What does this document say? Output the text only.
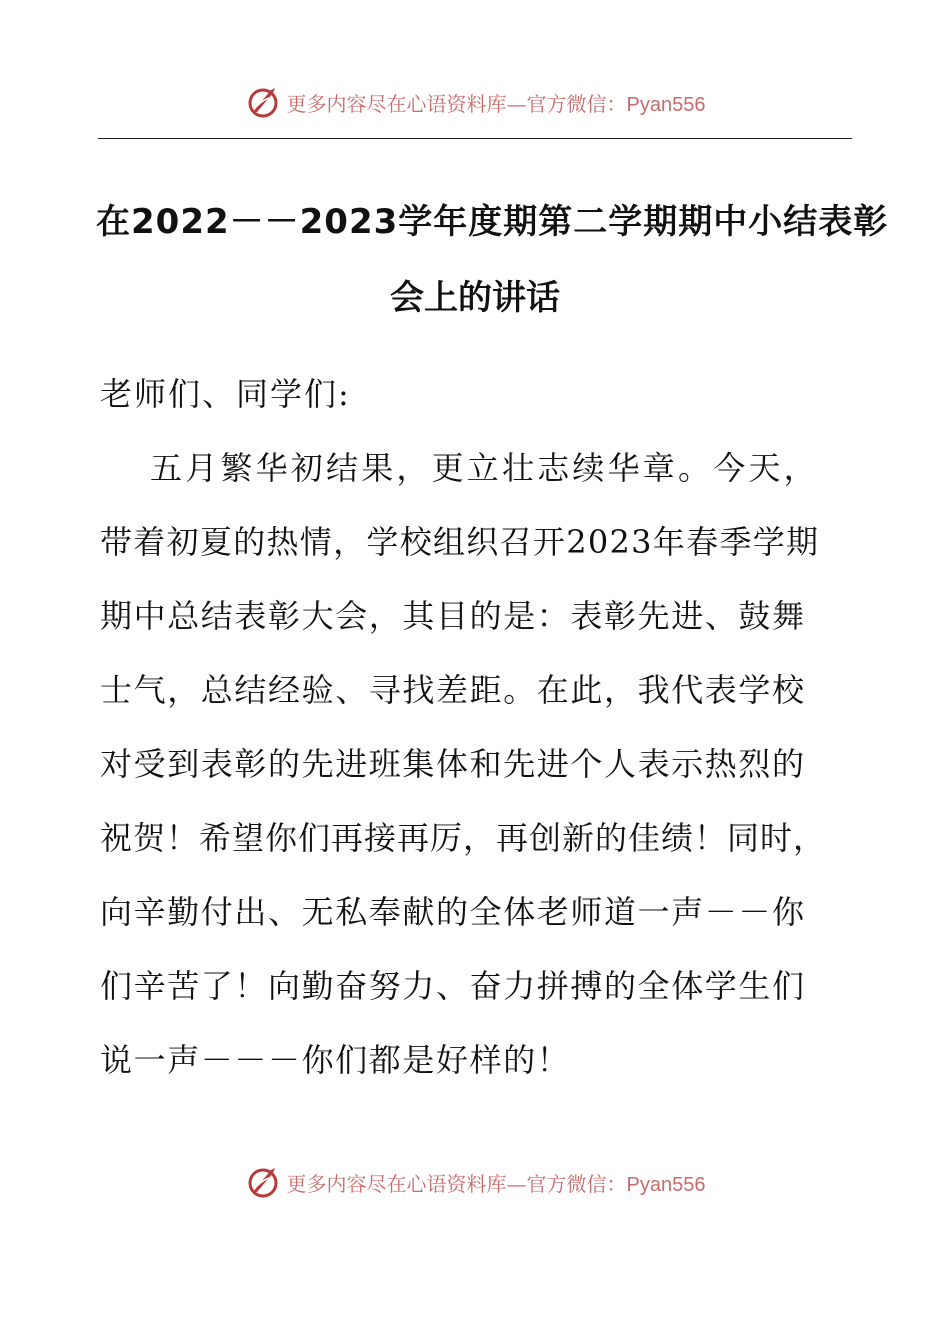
更多内容尽在心语资料库—官方微信：Pyan556
在2022－－2023学年度期第二学期期中小结表彰
会上的讲话
老师们、同学们:
五月繁华初结果，更立壮志续华章。今天，
带着初夏的热情，学校组织召开2023年春季学期
期中总结表彰大会，其目的是：表彰先进、鼓舞
士气，总结经验、寻找差距。在此，我代表学校
对受到表彰的先进班集体和先进个人表示热烈的
祝贺！希望你们再接再厉，再创新的佳绩！同时，
向辛勤付出、无私奉献的全体老师道一声－－你
们辛苦了！向勤奋努力、奋力拼搏的全体学生们
说一声－－－你们都是好样的！
更多内容尽在心语资料库—官方微信：Pyan556
